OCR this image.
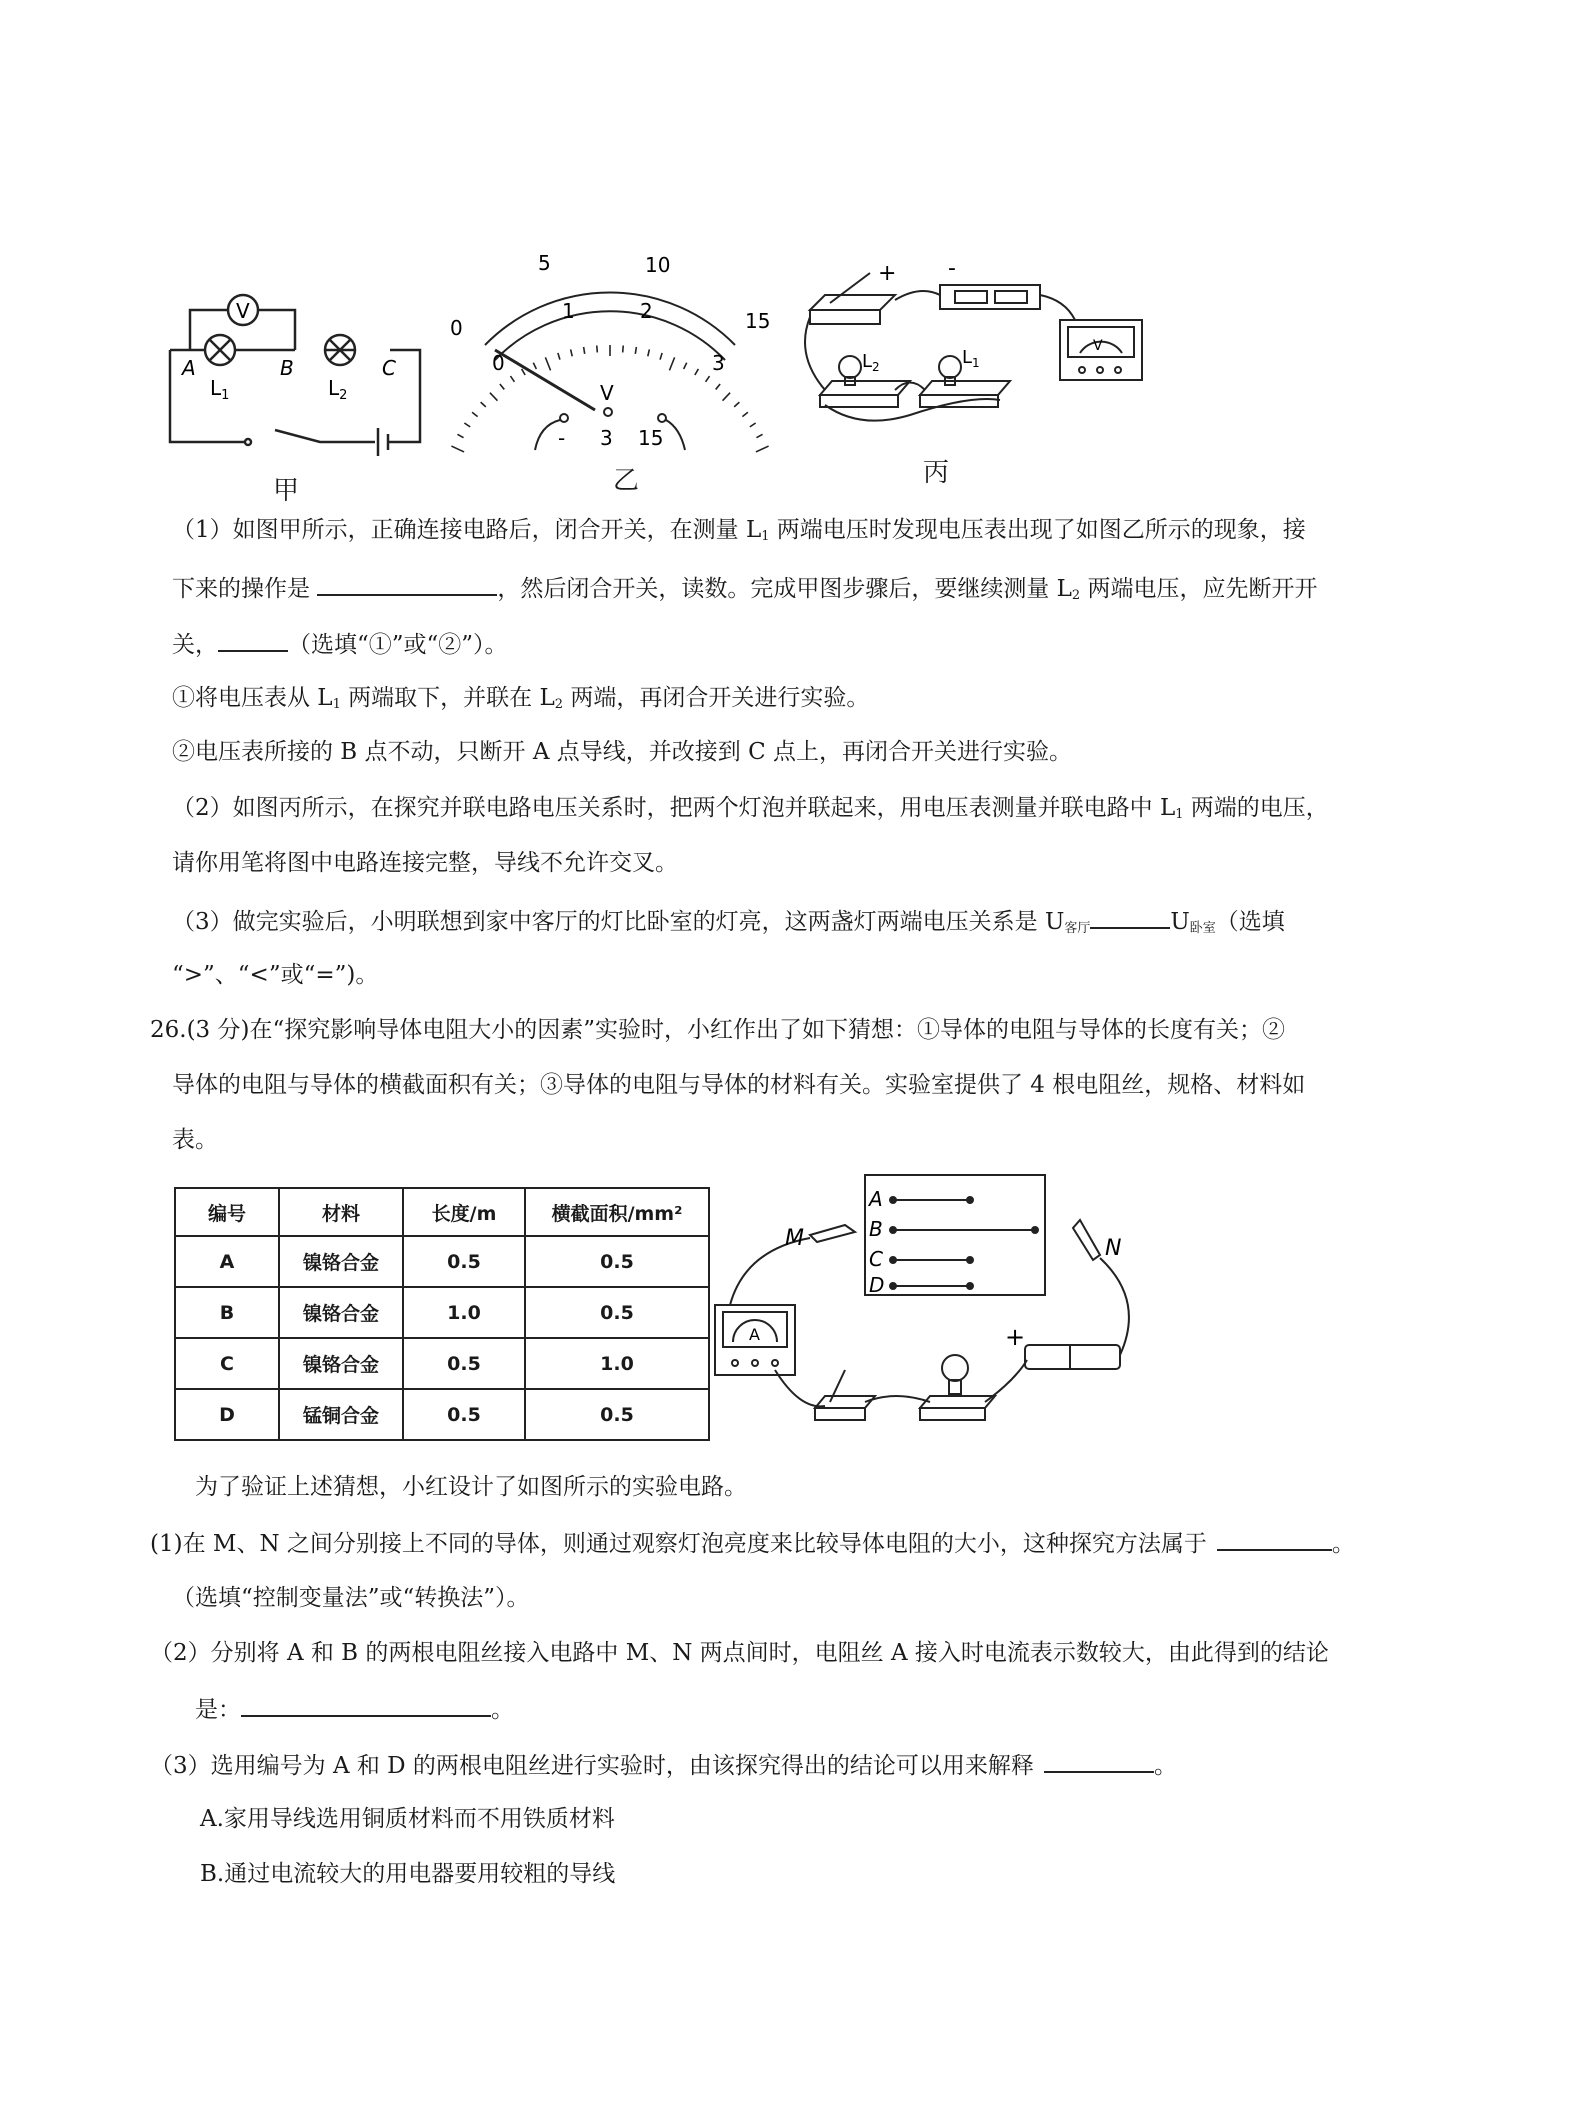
V
A	B	C
$L_1$	$L_2$
甲
0
5	10
15
0
1	2
3
V
- 3 15
乙
+ -
V
$L_2$	$L_1$
丙
（1）如图甲所示，正确连接电路后，闭合开关，在测量 $L_1$ 两端电压时发现电压表出现了如图乙所示的现象，接
下来的操作是	，然后闭合开关，读数。完成甲图步骤后，要继续测量 $L_2$ 两端电压，应先断开开
关，	（选填“①”或“②”）。
①将电压表从 $L_1$ 两端取下，并联在 $L_2$ 两端，再闭合开关进行实验。
②电压表所接的 B 点不动，只断开 A 点导线，并改接到 C 点上，再闭合开关进行实验。
（2）如图丙所示，在探究并联电路电压关系时，把两个灯泡并联起来，用电压表测量并联电路中 $L_1$ 两端的电压，
请你用笔将图中电路连接完整，导线不允许交叉。
（3）做完实验后，小明联想到家中客厅的灯比卧室的灯亮，这两盏灯两端电压关系是 $U_{客厅}$	$U_{卧室}$（选填
“>”、“<”或“=”)。
26.(3 分)在“探究影响导体电阻大小的因素”实验时，小红作出了如下猜想：①导体的电阻与导体的长度有关；②
导体的电阻与导体的横截面积有关；③导体的电阻与导体的材料有关。实验室提供了 4 根电阻丝，规格、材料如
表。
编号	材料	长度/m	横截面积/mm²
A	镍铬合金	0.5	0.5
B	镍铬合金	1.0	0.5
C	镍铬合金	0.5	1.0
D	锰铜合金	0.5	0.5
A
B
C
D
M	N
A	+
为了验证上述猜想，小红设计了如图所示的实验电路。
(1)在 M、N 之间分别接上不同的导体，则通过观察灯泡亮度来比较导体电阻的大小，这种探究方法属于	。
（选填“控制变量法”或“转换法”）。
（2）分别将 A 和 B 的两根电阻丝接入电路中 M、N 两点间时，电阻丝 A 接入时电流表示数较大，由此得到的结论
是：	。
（3）选用编号为 A 和 D 的两根电阻丝进行实验时，由该探究得出的结论可以用来解释	。
A.家用导线选用铜质材料而不用铁质材料
B.通过电流较大的用电器要用较粗的导线
